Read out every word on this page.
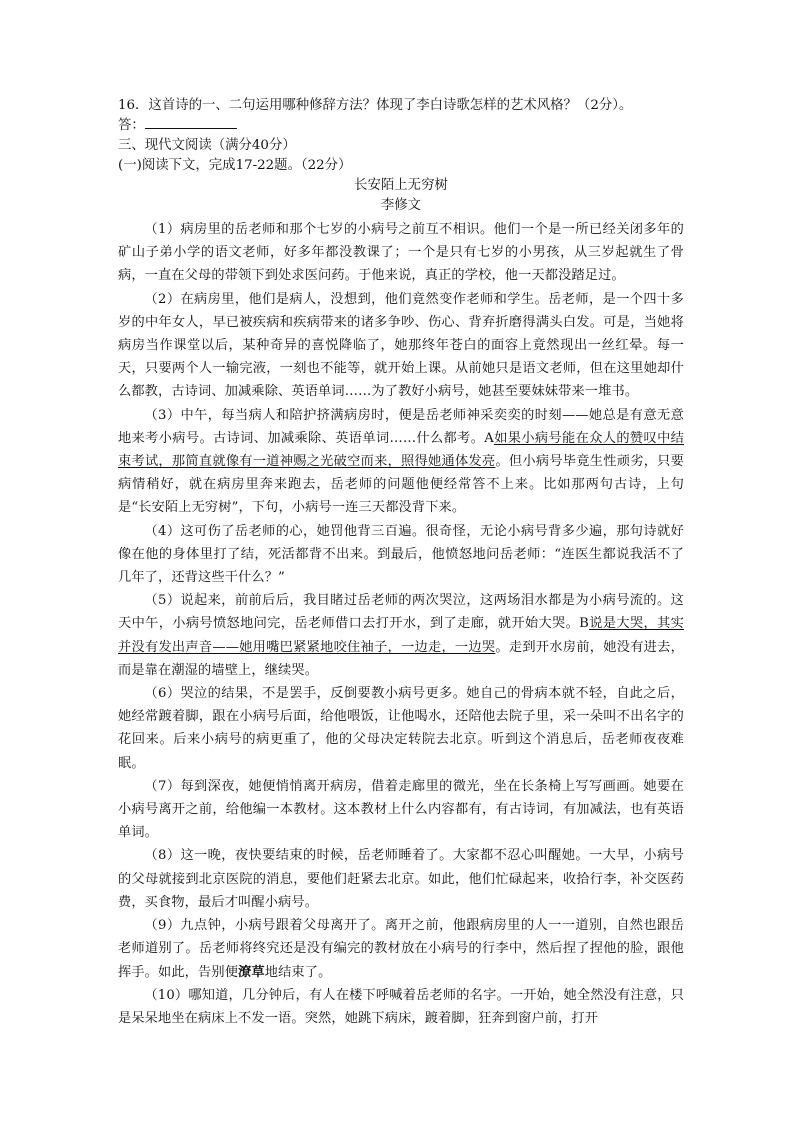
16．这首诗的一、二句运用哪种修辞方法？体现了李白诗歌怎样的艺术风格？（2分）。

答：

三、现代文阅读（满分40分）

(一)阅读下文，完成17-22题。（22分）

长安陌上无穷树

李修文

（1）病房里的岳老师和那个七岁的小病号之前互不相识。他们一个是一所已经关闭多年的矿山子弟小学的语文老师，好多年都没教课了；一个是只有七岁的小男孩，从三岁起就生了骨病，一直在父母的带领下到处求医问药。于他来说，真正的学校，他一天都没踏足过。

（2）在病房里，他们是病人，没想到，他们竟然变作老师和学生。岳老师，是一个四十多岁的中年女人，早已被疾病和疾病带来的诸多争吵、伤心、背弃折磨得满头白发。可是，当她将病房当作课堂以后，某种奇异的喜悦降临了，她那终年苍白的面容上竟然现出一丝红晕。每一天，只要两个人一输完液，一刻也不能等，就开始上课。从前她只是语文老师，但在这里她却什么都教，古诗词、加减乘除、英语单词……为了教好小病号，她甚至要妹妹带来一堆书。

（3）中午，每当病人和陪护挤满病房时，便是岳老师神采奕奕的时刻——她总是有意无意地来考小病号。古诗词、加减乘除、英语单词……什么都考。A如果小病号能在众人的赞叹中结束考试，那简直就像有一道神赐之光破空而来，照得她通体发亮。但小病号毕竟生性顽劣，只要病情稍好，就在病房里奔来跑去，岳老师的问题他便经常答不上来。比如那两句古诗，上句是“长安陌上无穷树”，下句，小病号一连三天都没背下来。

（4）这可伤了岳老师的心，她罚他背三百遍。很奇怪，无论小病号背多少遍，那句诗就好像在他的身体里打了结，死活都背不出来。到最后，他愤怒地问岳老师：“连医生都说我活不了几年了，还背这些干什么？”

（5）说起来，前前后后，我目睹过岳老师的两次哭泣，这两场泪水都是为小病号流的。这天中午，小病号愤怒地问完，岳老师借口去打开水，到了走廊，就开始大哭。B说是大哭，其实并没有发出声音——她用嘴巴紧紧地咬住袖子，一边走，一边哭。走到开水房前，她没有进去，而是靠在潮湿的墙壁上，继续哭。

（6）哭泣的结果，不是罢手，反倒要教小病号更多。她自己的骨病本就不轻，自此之后，她经常踱着脚，跟在小病号后面，给他喂饭，让他喝水，还陪他去院子里，采一朵叫不出名字的花回来。后来小病号的病更重了，他的父母决定转院去北京。听到这个消息后，岳老师夜夜难眠。

（7）每到深夜，她便悄悄离开病房，借着走廊里的微光，坐在长条椅上写写画画。她要在小病号离开之前，给他编一本教材。这本教材上什么内容都有，有古诗词，有加减法，也有英语单词。

（8）这一晚，夜快要结束的时候，岳老师睡着了。大家都不忍心叫醒她。一大早，小病号的父母就接到北京医院的消息，要他们赶紧去北京。如此，他们忙碌起来，收拾行李，补交医药费，买食物，最后才叫醒小病号。

（9）九点钟，小病号跟着父母离开了。离开之前，他跟病房里的人一一道别，自然也跟岳老师道别了。岳老师将终究还是没有编完的教材放在小病号的行李中，然后捏了捏他的脸，跟他挥手。如此，告别便潦草地结束了。

（10）哪知道，几分钟后，有人在楼下呼喊着岳老师的名字。一开始，她全然没有注意，只是呆呆地坐在病床上不发一语。突然，她跳下病床，踱着脚，狂奔到窗户前，打开
